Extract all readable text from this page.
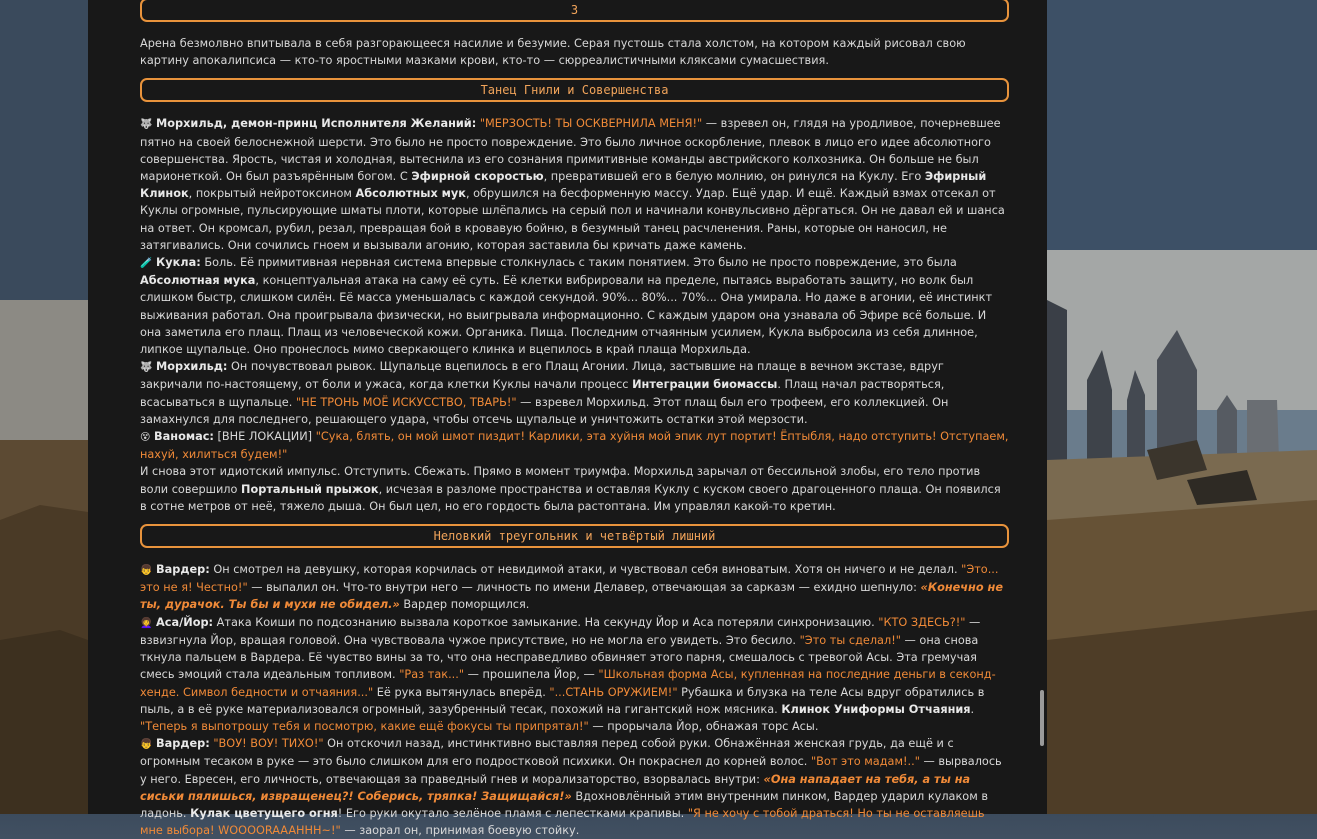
3

Арена безмолвно впитывала в себя разгорающееся насилие и безумие. Серая пустошь стала холстом, на котором каждый рисовал свою картину апокалипсиса — кто-то яростными мазками крови, кто-то — сюрреалистичными кляксами сумасшествия.

Танец Гнили и Совершенства

🐺 Морхильд, демон-принц Исполнителя Желаний: "МЕРЗОСТЬ! ТЫ ОСКВЕРНИЛА МЕНЯ!" — взревел он, глядя на уродливое, почерневшее пятно на своей белоснежной шерсти. Это было не просто повреждение. Это было личное оскорбление, плевок в лицо его идее абсолютного совершенства. Ярость, чистая и холодная, вытеснила из его сознания примитивные команды австрийского колхозника. Он больше не был марионеткой. Он был разъярённым богом. С Эфирной скоростью, превратившей его в белую молнию, он ринулся на Куклу. Его Эфирный Клинок, покрытый нейротоксином Абсолютных мук, обрушился на бесформенную массу. Удар. Ещё удар. И ещё. Каждый взмах отсекал от Куклы огромные, пульсирующие шматы плоти, которые шлёпались на серый пол и начинали конвульсивно дёргаться. Он не давал ей и шанса на ответ. Он кромсал, рубил, резал, превращая бой в кровавую бойню, в безумный танец расчленения. Раны, которые он наносил, не затягивались. Они сочились гноем и вызывали агонию, которая заставила бы кричать даже камень.

🧪 Кукла: Боль. Её примитивная нервная система впервые столкнулась с таким понятием. Это было не просто повреждение, это была Абсолютная мука, концептуальная атака на саму её суть. Её клетки вибрировали на пределе, пытаясь выработать защиту, но волк был слишком быстр, слишком силён. Её масса уменьшалась с каждой секундой. 90%... 80%... 70%... Она умирала. Но даже в агонии, её инстинкт выживания работал. Она проигрывала физически, но выигрывала информационно. С каждым ударом она узнавала об Эфире всё больше. И она заметила его плащ. Плащ из человеческой кожи. Органика. Пища. Последним отчаянным усилием, Кукла выбросила из себя длинное, липкое щупальце. Оно пронеслось мимо сверкающего клинка и вцепилось в край плаща Морхильда.

🐺 Морхильд: Он почувствовал рывок. Щупальце вцепилось в его Плащ Агонии. Лица, застывшие на плаще в вечном экстазе, вдруг закричали по-настоящему, от боли и ужаса, когда клетки Куклы начали процесс Интеграции биомассы. Плащ начал растворяться, всасываться в щупальце. "НЕ ТРОНЬ МОЁ ИСКУССТВО, ТВАРЬ!" — взревел Морхильд. Этот плащ был его трофеем, его коллекцией. Он замахнулся для последнего, решающего удара, чтобы отсечь щупальце и уничтожить остатки этой мерзости.

😵 Ваномас: [ВНЕ ЛОКАЦИИ] "Сука, блять, он мой шмот пиздит! Карлики, эта хуйня мой эпик лут портит! Ёптыбля, надо отступить! Отступаем, нахуй, хилиться будем!"

И снова этот идиотский импульс. Отступить. Сбежать. Прямо в момент триумфа. Морхильд зарычал от бессильной злобы, его тело против воли совершило Портальный прыжок, исчезая в разломе пространства и оставляя Куклу с куском своего драгоценного плаща. Он появился в сотне метров от неё, тяжело дыша. Он был цел, но его гордость была растоптана. Им управлял какой-то кретин.

Неловкий треугольник и четвёртый лишний

👦 Вардер: Он смотрел на девушку, которая корчилась от невидимой атаки, и чувствовал себя виноватым. Хотя он ничего и не делал. "Это... это не я! Честно!" — выпалил он. Что-то внутри него — личность по имени Делавер, отвечающая за сарказм — ехидно шепнуло: «Конечно не ты, дурачок. Ты бы и мухи не обидел.» Вардер поморщился.

👩‍🦱 Аса/Йор: Атака Коиши по подсознанию вызвала короткое замыкание. На секунду Йор и Аса потеряли синхронизацию. "КТО ЗДЕСЬ?!" — взвизгнула Йор, вращая головой. Она чувствовала чужое присутствие, но не могла его увидеть. Это бесило. "Это ты сделал!" — она снова ткнула пальцем в Вардера. Её чувство вины за то, что она несправедливо обвиняет этого парня, смешалось с тревогой Асы. Эта гремучая смесь эмоций стала идеальным топливом. "Раз так..." — прошипела Йор, — "Школьная форма Асы, купленная на последние деньги в секонд-хенде. Символ бедности и отчаяния..." Её рука вытянулась вперёд. "...СТАНЬ ОРУЖИЕМ!" Рубашка и блузка на теле Асы вдруг обратились в пыль, а в её руке материализовался огромный, зазубренный тесак, похожий на гигантский нож мясника. Клинок Униформы Отчаяния. "Теперь я выпотрошу тебя и посмотрю, какие ещё фокусы ты припрятал!" — прорычала Йор, обнажая торс Асы.

👦 Вардер: "ВОУ! ВОУ! ТИХО!" Он отскочил назад, инстинктивно выставляя перед собой руки. Обнажённая женская грудь, да ещё и с огромным тесаком в руке — это было слишком для его подростковой психики. Он покраснел до корней волос. "Вот это мадам!.." — вырвалось у него. Евресен, его личность, отвечающая за праведный гнев и морализаторство, взорвалась внутри: «Она нападает на тебя, а ты на сиськи пялишься, извращенец?! Соберись, тряпка! Защищайся!» Вдохновлённый этим внутренним пинком, Вардер ударил кулаком в ладонь. Кулак цветущего огня! Его руки окутало зелёное пламя с лепестками крапивы. "Я не хочу с тобой драться! Но ты не оставляешь мне выбора! WOOOORAAAHHH~!" — заорал он, принимая боевую стойку.
